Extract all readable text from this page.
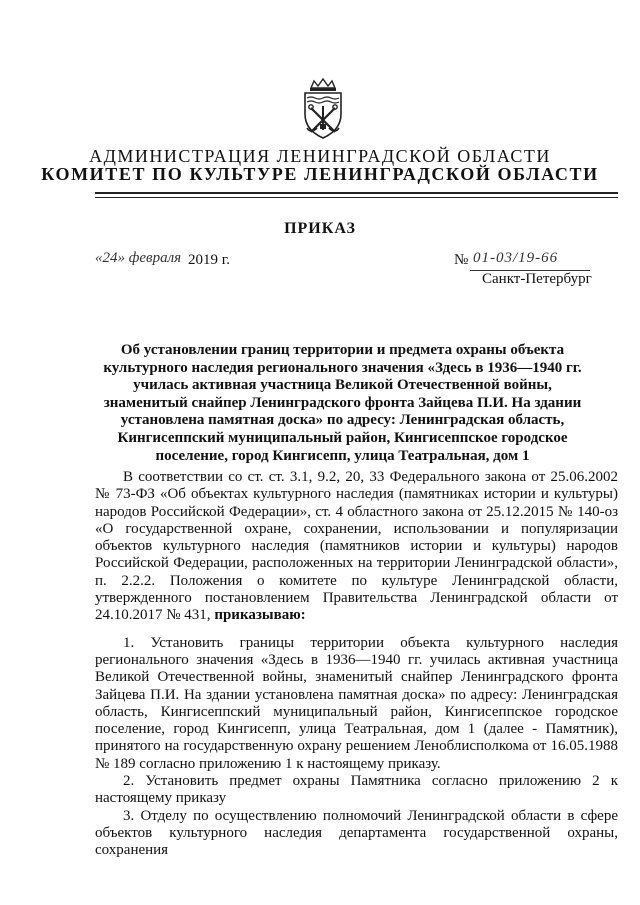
АДМИНИСТРАЦИЯ ЛЕНИНГРАДСКОЙ ОБЛАСТИ
КОМИТЕТ ПО КУЛЬТУРЕ ЛЕНИНГРАДСКОЙ ОБЛАСТИ
ПРИКАЗ
«24» февраля 2019 г.	№ 01-03/19-66
Санкт-Петербург
Об установлении границ территории и предмета охраны объекта культурного наследия регионального значения «Здесь в 1936—1940 гг. училась активная участница Великой Отечественной войны, знаменитый снайпер Ленинградского фронта Зайцева П.И. На здании установлена памятная доска» по адресу: Ленинградская область, Кингисеппский муниципальный район, Кингисеппское городское поселение, город Кингисепп, улица Театральная, дом 1

В соответствии со ст. ст. 3.1, 9.2, 20, 33 Федерального закона от 25.06.2002 № 73-ФЗ «Об объектах культурного наследия (памятниках истории и культуры) народов Российской Федерации», ст. 4 областного закона от 25.12.2015 № 140-оз «О государственной охране, сохранении, использовании и популяризации объектов культурного наследия (памятников истории и культуры) народов Российской Федерации, расположенных на территории Ленинградской области», п. 2.2.2. Положения о комитете по культуре Ленинградской области, утвержденного постановлением Правительства Ленинградской области от 24.10.2017 № 431, приказываю:

1. Установить границы территории объекта культурного наследия регионального значения «Здесь в 1936—1940 гг. училась активная участница Великой Отечественной войны, знаменитый снайпер Ленинградского фронта Зайцева П.И. На здании установлена памятная доска» по адресу: Ленинградская область, Кингисеппский муниципальный район, Кингисеппское городское поселение, город Кингисепп, улица Театральная, дом 1 (далее - Памятник), принятого на государственную охрану решением Леноблисполкома от 16.05.1988 № 189 согласно приложению 1 к настоящему приказу.

2. Установить предмет охраны Памятника согласно приложению 2 к настоящему приказу

3. Отделу по осуществлению полномочий Ленинградской области в сфере объектов культурного наследия департамента государственной охраны, сохранения
